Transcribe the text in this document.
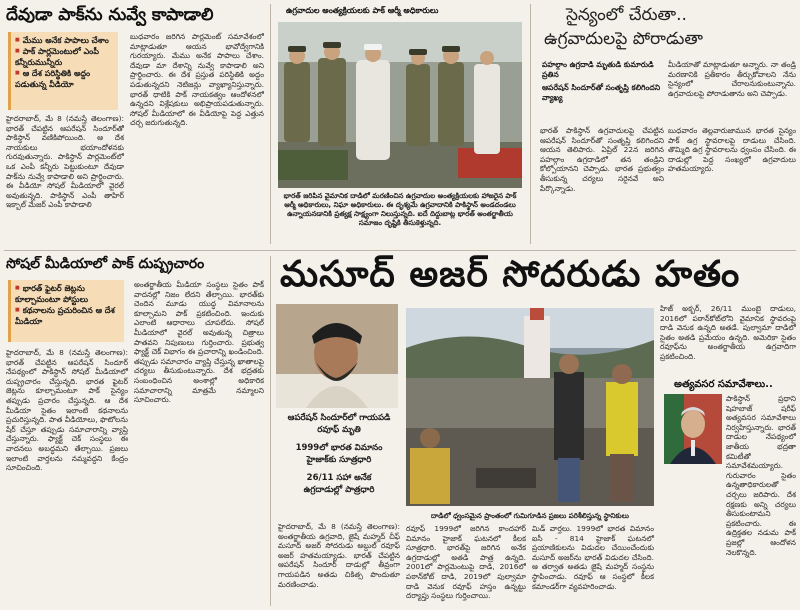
దేవుడా పాక్‌ను నువ్వే కాపాడాలి
■ మేము అనేక పాపాలు చేశాం
■ పాక్ పార్లమెంటులో ఎంపీ కన్నీరుమున్నీరు
■ ఆ దేశ పరిస్థితికి అద్దం పడుతున్న వీడియో
హైదరాబాద్, మే 8 (నమస్తే తెలంగాణ): భారత్ చేపట్టిన ఆపరేషన్ సిందూర్‌తో పాకిస్థాన్ వణికిపోయింది. ఆ దేశ నాయకులు భయాందోళనకు గురవుతున్నారు. పాకిస్థాన్ పార్లమెంట్‌లో ఒక ఎంపీ కన్నీరు పెట్టుకుంటూ దేవుడా పాక్‌ను నువ్వే కాపాడాలి అని ప్రార్థించారు. ఈ వీడియో సోషల్ మీడియాలో వైరల్ అవుతున్నది. పాకిస్థాన్ ఎంపీ తాహిర్ ఇక్బాల్ మేజర్ ఎంపీ కాపాడాలి
బుధవారం జరిగిన పార్లమెంట్ సమావేశంలో మాట్లాడుతూ ఆయన భావోద్వేగానికి గురయ్యారు. మేము అనేక పాపాలు చేశాం. దేవుడా మా దేశాన్ని నువ్వే కాపాడాలి అని ప్రార్థించారు. ఈ దేశ ప్రస్తుత పరిస్థితికి అద్దం పడుతున్నదని నెటిజన్లు వ్యాఖ్యానిస్తున్నారు. భారత్ ధాటికి పాక్ నాయకత్వం ఆందోళనలో ఉన్నదని విశ్లేషకులు అభిప్రాయపడుతున్నారు. సోషల్ మీడియాలో ఈ వీడియోపై పెద్ద ఎత్తున చర్చ జరుగుతున్నది.
ఉగ్రవాదుల అంత్యక్రియలకు పాక్ ఆర్మీ అధికారులు
భారత్ జరిపిన వైమానిక దాడిలో మరణించిన ఉగ్రవాదుల అంత్యక్రియలకు హాజరైన పాక్ ఆర్మీ అధికారులు, నిఘా అధికారులు. ఈ దృశ్యమే ఉగ్రవాదానికి పాకిస్థాన్ అండదండలు ఉన్నాయనడానికి ప్రత్యక్ష సాక్ష్యంగా నిలుస్తున్నది. ఐదే దిద్దుబాట్ల భారత్ అంతర్జాతీయ సమాజం దృష్టికి తీసుకెళ్తున్నది.
సైన్యంలో చేరుతా..
ఉగ్రవాదులపై పోరాడుతా
పహల్గాం ఉగ్రదాడి మృతుడి కుమారుడి ప్రతిన
ఆపరేషన్ సిందూర్‌తో సంతృప్తి కలిగిందని వ్యాఖ్య
మీడియాతో మాట్లాడుతూ అన్నారు. నా తండ్రి మరణానికి ప్రతీకారం తీర్చుకోవాలని నేను సైన్యంలో చేరాలనుకుంటున్నాను. ఉగ్రవాదులపై పోరాడుతాను అని చెప్పాడు.
భారత్ పాకిస్థాన్ ఉగ్రవాదులపై చేపట్టిన ఆపరేషన్ సిందూర్‌తో సంతృప్తి కలిగిందని ఆయన తెలిపారు. ఏప్రిల్ 22న జరిగిన పహల్గాం ఉగ్రదాడిలో తన తండ్రిని కోల్పోయానని చెప్పాడు. భారత ప్రభుత్వం తీసుకున్న చర్యలు సరైనవే అని పేర్కొన్నాడు.
బుధవారం తెల్లవారుజామున భారత సైన్యం పాక్ ఉగ్ర స్థావరాలపై దాడులు చేసింది. తొమ్మిది ఉగ్ర స్థావరాలను ధ్వంసం చేసింది. ఈ దాడుల్లో పెద్ద సంఖ్యలో ఉగ్రవాదులు హతమయ్యారు.
సోషల్ మీడియాలో పాక్ దుష్ప్రచారం
■ భారత్ ఫైటర్ జెట్లను కూల్చామంటూ పోస్టులు
■ కథనాలను ప్రచురించిన ఆ దేశ మీడియా
హైదరాబాద్, మే 8 (నమస్తే తెలంగాణ): భారత్ చేపట్టిన ఆపరేషన్ సిందూర్ నేపథ్యంలో పాకిస్థాన్ సోషల్ మీడియాలో దుష్ప్రచారం చేస్తున్నది. భారత ఫైటర్ జెట్లను కూల్చామంటూ పాక్ సైన్యం తప్పుడు ప్రచారం చేస్తున్నది. ఆ దేశ మీడియా సైతం ఇలాంటి కథనాలను ప్రచురిస్తున్నది. పాత వీడియోలు, ఫొటోలను షేర్ చేస్తూ తప్పుడు సమాచారాన్ని వ్యాప్తి చేస్తున్నారు. ఫ్యాక్ట్ చెక్ సంస్థలు ఈ వాదనలు అబద్ధమని తేల్చాయి. ప్రజలు ఇలాంటి వార్తలను నమ్మవద్దని కేంద్రం సూచించింది.
అంతర్జాతీయ మీడియా సంస్థలు సైతం పాక్ వాదనల్లో నిజం లేదని తేల్చాయి. భారత్‌కు చెందిన మూడు యుద్ధ విమానాలను కూల్చామని పాక్ ప్రకటించింది. ఇందుకు ఎలాంటి ఆధారాలు చూపలేదు. సోషల్ మీడియాలో వైరల్ అవుతున్న చిత్రాలు పాతవని నిపుణులు గుర్తించారు. ప్రభుత్వ ఫ్యాక్ట్ చెక్ విభాగం ఈ ప్రచారాన్ని ఖండించింది. తప్పుడు సమాచారం వ్యాప్తి చేస్తున్న ఖాతాలపై చర్యలు తీసుకుంటున్నారు. దేశ భద్రతకు సంబంధించిన అంశాల్లో అధికారిక సమాచారాన్ని మాత్రమే నమ్మాలని సూచించారు.
మసూద్ అజర్ సోదరుడు హతం
ఆపరేషన్ సిందూర్‌లో గాయపడి రవూఫ్ మృతి
1999లో భారత విమానం హైజాక్‌కు సూత్రధారి
26/11 సహా అనేక ఉగ్రదాడుల్లో పాత్రధారి
దాడిలో ధ్వంసమైన ప్రాంతంలో గుమిగూడిన ప్రజలు పరిశీలిస్తున్న స్థానికులు
హైదరాబాద్, మే 8 (నమస్తే తెలంగాణ): అంతర్జాతీయ ఉగ్రవాది, జైషే మహ్మద్ చీఫ్ మసూద్ అజర్ సోదరుడు అబ్దుల్ రవూఫ్ అజర్ హతమయ్యాడు. భారత్ చేపట్టిన ఆపరేషన్ సిందూర్ దాడుల్లో తీవ్రంగా గాయపడిన అతడు చికిత్స పొందుతూ మరణించాడు.
రవూఫ్ 1999లో జరిగిన కాందహార్ విమానం హైజాక్ ఘటనలో కీలక సూత్రధారి. భారత్‌పై జరిగిన అనేక ఉగ్రదాడుల్లో అతడి పాత్ర ఉన్నది. 2001లో పార్లమెంటుపై దాడి, 2016లో పఠాన్‌కోట్ దాడి, 2019లో పుల్వామా దాడి వెనుక రవూఫ్ హస్తం ఉన్నట్టు దర్యాప్తు సంస్థలు గుర్తించాయి.
మిడ్ వార్తలు. 1999లో భారత విమానం ఐసీ - 814 హైజాక్ ఘటనలో ప్రయాణికులను విడుదల చేయించేందుకు మసూద్ అజర్‌ను భారత్ విడుదల చేసింది. ఆ తర్వాత అతడు జైషే మహ్మద్ సంస్థను స్థాపించాడు. రవూఫ్ ఆ సంస్థలో కీలక కమాండర్‌గా వ్యవహరించాడు.
హిజ్ అక్బర్, 26/11 ముంబై దాడులు, 2016లో పఠాన్‌కోట్‌లోని వైమానిక స్థావరంపై దాడి వెనుక ఉన్నది అతడే. పుల్వామా దాడిలో సైతం అతడి ప్రమేయం ఉన్నది. అమెరికా సైతం రవూఫ్‌ను అంతర్జాతీయ ఉగ్రవాదిగా ప్రకటించింది.
అత్యవసర సమావేశాలు..
పాకిస్థాన్ ప్రధాని షెహబాజ్ షరీఫ్ అత్యవసర సమావేశాలు నిర్వహిస్తున్నారు. భారత్ దాడుల నేపథ్యంలో జాతీయ భద్రతా కమిటీతో సమావేశమయ్యారు. గురువారం సైతం ఉన్నతాధికారులతో చర్చలు జరిపారు. దేశ రక్షణకు అన్ని చర్యలు తీసుకుంటామని ప్రకటించారు. ఈ ఉద్రిక్తతల నడుమ పాక్ ప్రజల్లో ఆందోళన నెలకొన్నది.
